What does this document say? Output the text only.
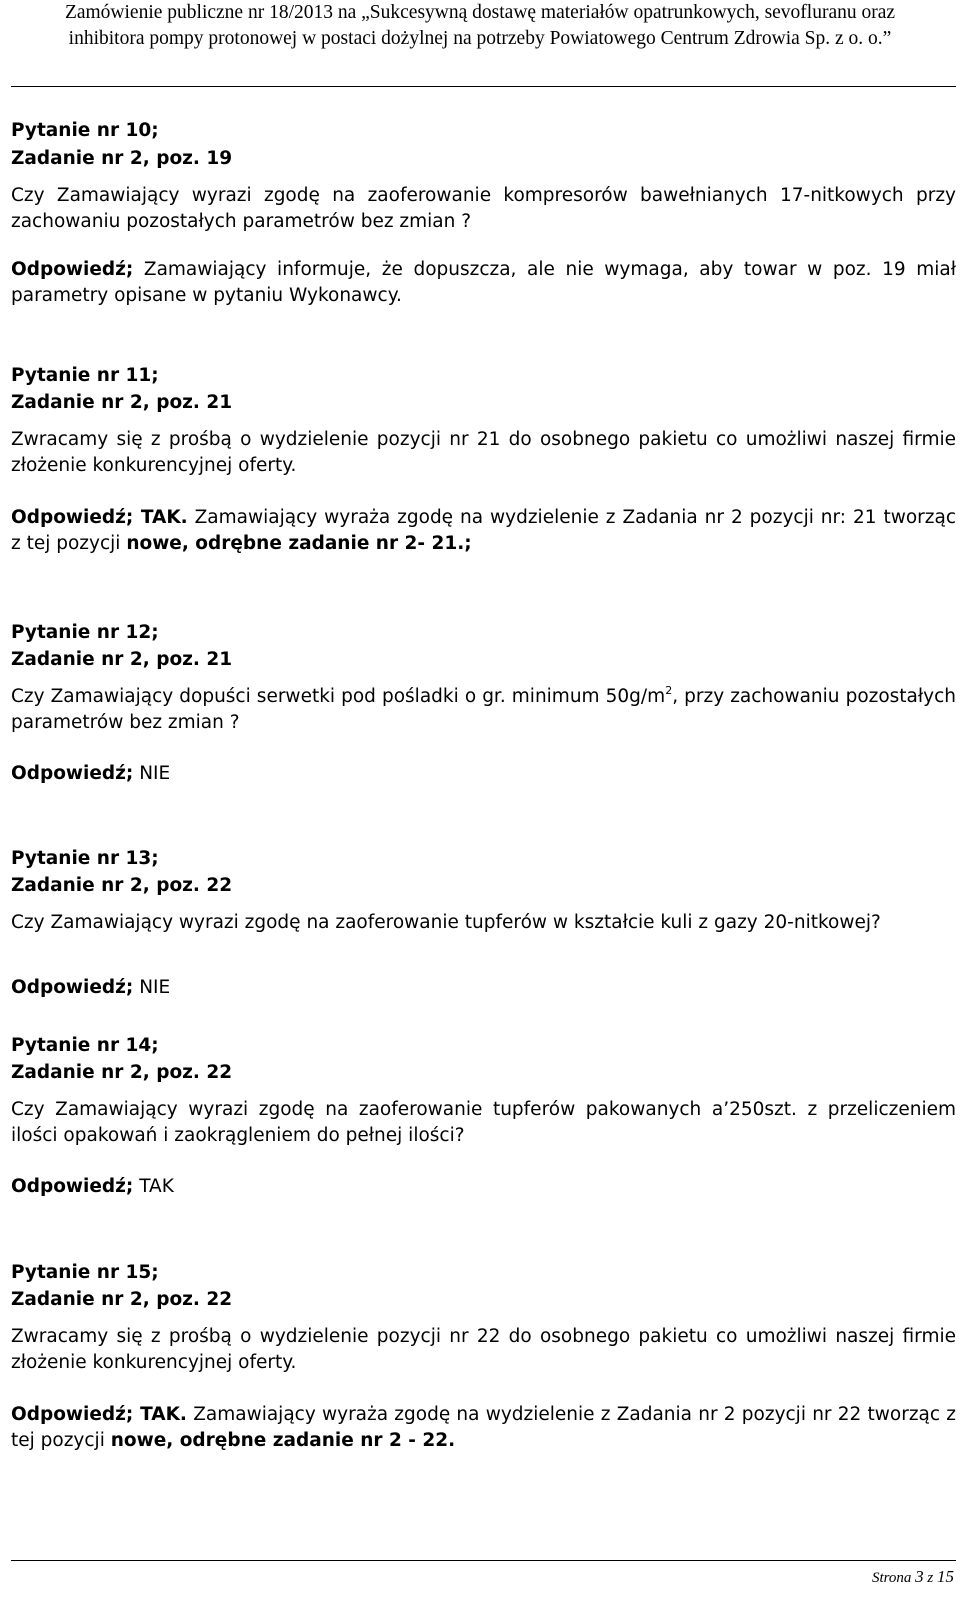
Zamówienie publiczne nr 18/2013 na „Sukcesywną dostawę materiałów opatrunkowych, sevofluranu oraz
inhibitora pompy protonowej w postaci dożylnej na potrzeby Powiatowego Centrum Zdrowia Sp. z o. o.”
Pytanie nr 10;
Zadanie nr 2, poz. 19
Czy Zamawiający wyrazi zgodę na zaoferowanie kompresorów bawełnianych 17-nitkowych przy zachowaniu pozostałych parametrów bez zmian ?
Odpowiedź; Zamawiający informuje, że dopuszcza, ale nie wymaga, aby towar w poz. 19 miał parametry opisane w pytaniu Wykonawcy.
Pytanie nr 11;
Zadanie nr 2, poz. 21
Zwracamy się z prośbą o wydzielenie pozycji nr 21 do osobnego pakietu co umożliwi naszej firmie złożenie konkurencyjnej oferty.
Odpowiedź; TAK. Zamawiający wyraża zgodę na wydzielenie z Zadania nr 2 pozycji nr: 21 tworząc z tej pozycji nowe, odrębne zadanie nr 2- 21.;
Pytanie nr 12;
Zadanie nr 2, poz. 21
Czy Zamawiający dopuści serwetki pod pośladki o gr. minimum $50g/m^2$, przy zachowaniu pozostałych parametrów bez zmian ?
Odpowiedź; NIE
Pytanie nr 13;
Zadanie nr 2, poz. 22
Czy Zamawiający wyrazi zgodę na zaoferowanie tupferów w kształcie kuli z gazy 20-nitkowej?
Odpowiedź; NIE
Pytanie nr 14;
Zadanie nr 2, poz. 22
Czy Zamawiający wyrazi zgodę na zaoferowanie tupferów pakowanych a’250szt. z przeliczeniem ilości opakowań i zaokrągleniem do pełnej ilości?
Odpowiedź; TAK
Pytanie nr 15;
Zadanie nr 2, poz. 22
Zwracamy się z prośbą o wydzielenie pozycji nr 22 do osobnego pakietu co umożliwi naszej firmie złożenie konkurencyjnej oferty.
Odpowiedź; TAK. Zamawiający wyraża zgodę na wydzielenie z Zadania nr 2 pozycji nr 22 tworząc z tej pozycji nowe, odrębne zadanie nr 2 - 22.
Strona 3 z 15
